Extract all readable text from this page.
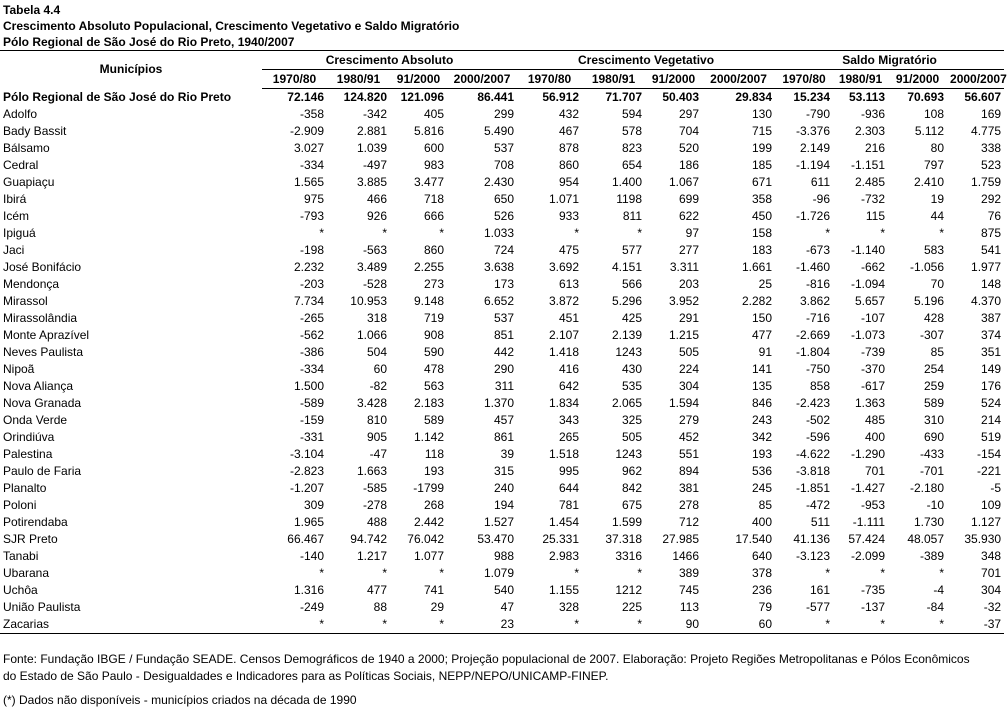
Tabela 4.4
Crescimento Absoluto Populacional, Crescimento Vegetativo e Saldo Migratório
Pólo Regional de São José do Rio Preto, 1940/2007
Municípios	Crescimento Absoluto				Crescimento Vegetativo				Saldo Migratório			
	1970/80	1980/91	91/2000	2000/2007	1970/80	1980/91	91/2000	2000/2007	1970/80	1980/91	91/2000	2000/2007
Pólo Regional de São José do Rio Preto	72.146	124.820	121.096	86.441	56.912	71.707	50.403	29.834	15.234	53.113	70.693	56.607
Adolfo	-358	-342	405	299	432	594	297	130	-790	-936	108	169
Bady Bassit	-2.909	2.881	5.816	5.490	467	578	704	715	-3.376	2.303	5.112	4.775
Bálsamo	3.027	1.039	600	537	878	823	520	199	2.149	216	80	338
Cedral	-334	-497	983	708	860	654	186	185	-1.194	-1.151	797	523
Guapiaçu	1.565	3.885	3.477	2.430	954	1.400	1.067	671	611	2.485	2.410	1.759
Ibirá	975	466	718	650	1.071	1198	699	358	-96	-732	19	292
Icém	-793	926	666	526	933	811	622	450	-1.726	115	44	76
Ipiguá	*	*	*	1.033	*	*	97	158	*	*	*	875
Jaci	-198	-563	860	724	475	577	277	183	-673	-1.140	583	541
José Bonifácio	2.232	3.489	2.255	3.638	3.692	4.151	3.311	1.661	-1.460	-662	-1.056	1.977
Mendonça	-203	-528	273	173	613	566	203	25	-816	-1.094	70	148
Mirassol	7.734	10.953	9.148	6.652	3.872	5.296	3.952	2.282	3.862	5.657	5.196	4.370
Mirassolândia	-265	318	719	537	451	425	291	150	-716	-107	428	387
Monte Aprazível	-562	1.066	908	851	2.107	2.139	1.215	477	-2.669	-1.073	-307	374
Neves Paulista	-386	504	590	442	1.418	1243	505	91	-1.804	-739	85	351
Nipoã	-334	60	478	290	416	430	224	141	-750	-370	254	149
Nova Aliança	1.500	-82	563	311	642	535	304	135	858	-617	259	176
Nova Granada	-589	3.428	2.183	1.370	1.834	2.065	1.594	846	-2.423	1.363	589	524
Onda Verde	-159	810	589	457	343	325	279	243	-502	485	310	214
Orindiúva	-331	905	1.142	861	265	505	452	342	-596	400	690	519
Palestina	-3.104	-47	118	39	1.518	1243	551	193	-4.622	-1.290	-433	-154
Paulo de Faria	-2.823	1.663	193	315	995	962	894	536	-3.818	701	-701	-221
Planalto	-1.207	-585	-1799	240	644	842	381	245	-1.851	-1.427	-2.180	-5
Poloni	309	-278	268	194	781	675	278	85	-472	-953	-10	109
Potirendaba	1.965	488	2.442	1.527	1.454	1.599	712	400	511	-1.111	1.730	1.127
SJR Preto	66.467	94.742	76.042	53.470	25.331	37.318	27.985	17.540	41.136	57.424	48.057	35.930
Tanabi	-140	1.217	1.077	988	2.983	3316	1466	640	-3.123	-2.099	-389	348
Ubarana	*	*	*	1.079	*	*	389	378	*	*	*	701
Uchôa	1.316	477	741	540	1.155	1212	745	236	161	-735	-4	304
União Paulista	-249	88	29	47	328	225	113	79	-577	-137	-84	-32
Zacarias	*	*	*	23	*	*	90	60	*	*	*	-37
Fonte: Fundação IBGE / Fundação SEADE. Censos Demográficos de 1940 a 2000; Projeção populacional de 2007. Elaboração: Projeto Regiões Metropolitanas e Pólos Econômicos do Estado de São Paulo - Desigualdades e Indicadores para as Políticas Sociais, NEPP/NEPO/UNICAMP-FINEP.
(*) Dados não disponíveis - municípios criados na década de 1990
